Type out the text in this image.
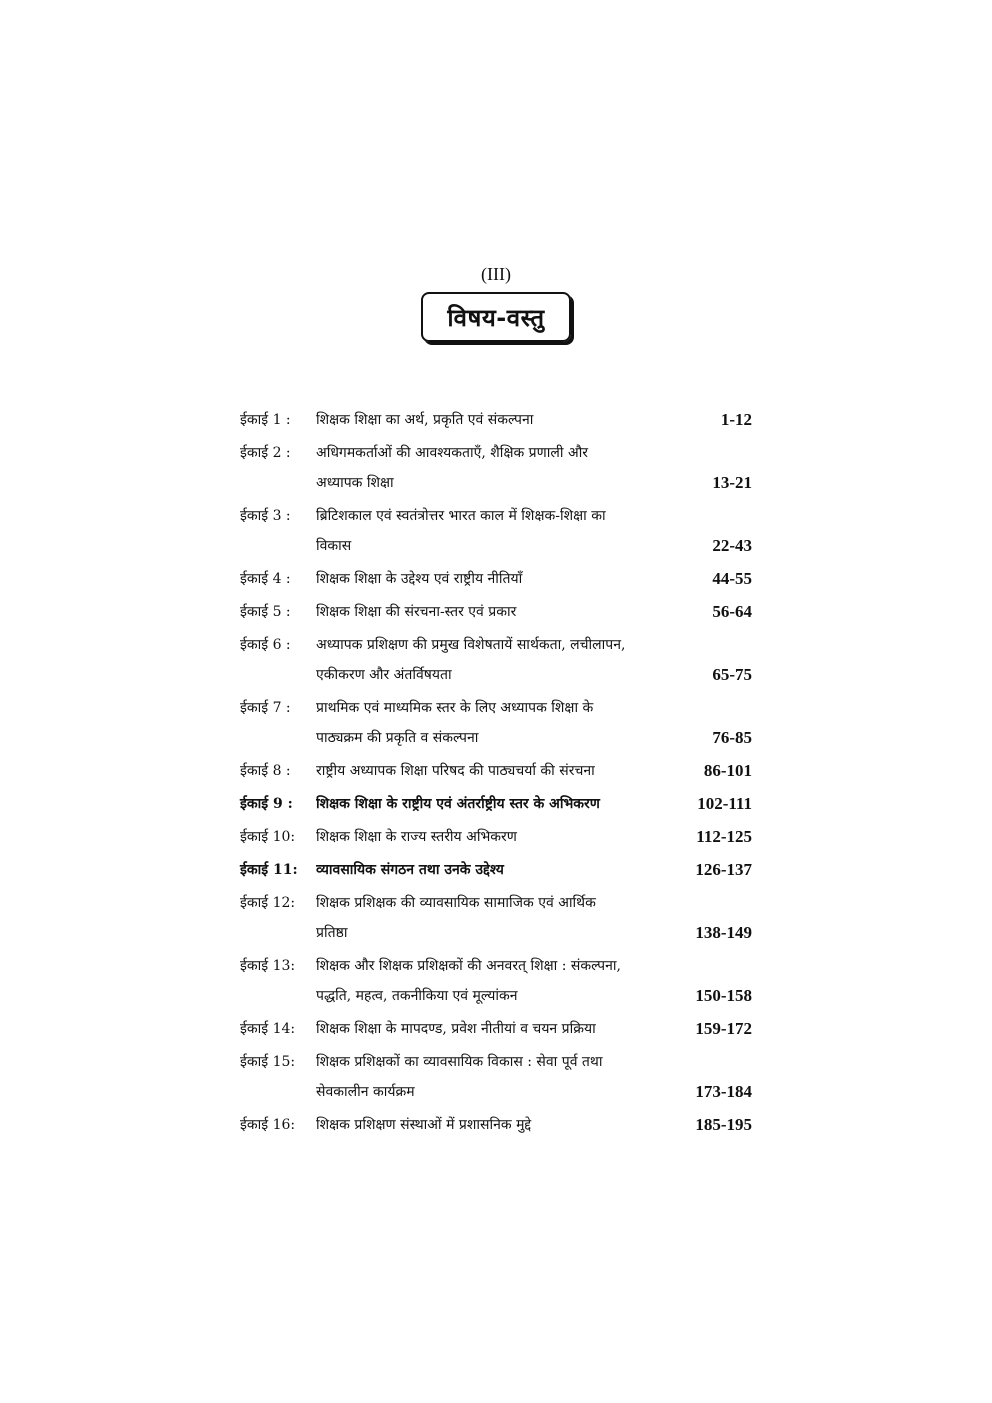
(III)
विषय-वस्तु
ईकाई 1 :	शिक्षक शिक्षा का अर्थ, प्रकृति एवं संकल्पना	1-12
ईकाई 2 :	अधिगमकर्ताओं की आवश्यकताएँ, शैक्षिक प्रणाली और
अध्यापक शिक्षा	13-21
ईकाई 3 :	ब्रिटिशकाल एवं स्वतंत्रोत्तर भारत काल में शिक्षक-शिक्षा का
विकास	22-43
ईकाई 4 :	शिक्षक शिक्षा के उद्देश्य एवं राष्ट्रीय नीतियाँ	44-55
ईकाई 5 :	शिक्षक शिक्षा की संरचना-स्तर एवं प्रकार	56-64
ईकाई 6 :	अध्यापक प्रशिक्षण की प्रमुख विशेषतायें सार्थकता, लचीलापन,
एकीकरण और अंतर्विषयता	65-75
ईकाई 7 :	प्राथमिक एवं माध्यमिक स्तर के लिए अध्यापक शिक्षा के
पाठ्यक्रम की प्रकृति व संकल्पना	76-85
ईकाई 8 :	राष्ट्रीय अध्यापक शिक्षा परिषद की पाठ्यचर्या की संरचना	86-101
ईकाई 9 :	शिक्षक शिक्षा के राष्ट्रीय एवं अंतर्राष्ट्रीय स्तर के अभिकरण	102-111
ईकाई 10:	शिक्षक शिक्षा के राज्य स्तरीय अभिकरण	112-125
ईकाई 11:	व्यावसायिक संगठन तथा उनके उद्देश्य	126-137
ईकाई 12:	शिक्षक प्रशिक्षक की व्यावसायिक सामाजिक एवं आर्थिक
प्रतिष्ठा	138-149
ईकाई 13:	शिक्षक और शिक्षक प्रशिक्षकों की अनवरत् शिक्षा : संकल्पना,
पद्धति, महत्व, तकनीकिया एवं मूल्यांकन	150-158
ईकाई 14:	शिक्षक शिक्षा के मापदण्ड, प्रवेश नीतीयां व चयन प्रक्रिया	159-172
ईकाई 15:	शिक्षक प्रशिक्षकों का व्यावसायिक विकास : सेवा पूर्व तथा
सेवकालीन कार्यक्रम	173-184
ईकाई 16:	शिक्षक प्रशिक्षण संस्थाओं में प्रशासनिक मुद्दे	185-195
